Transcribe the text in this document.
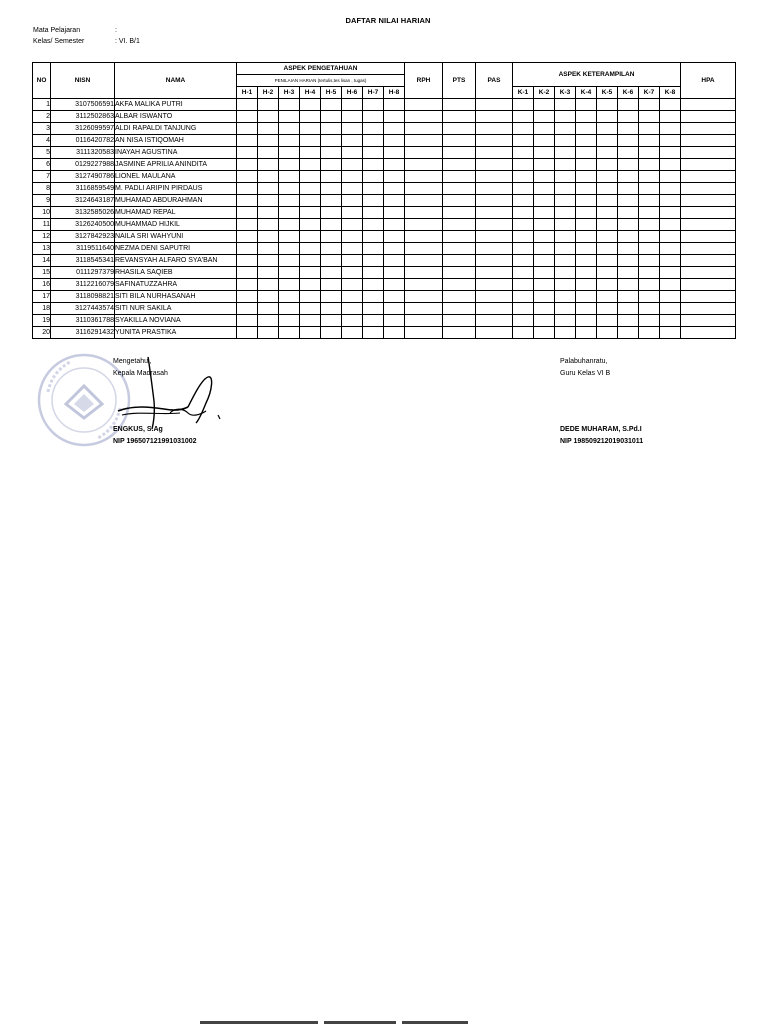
DAFTAR NILAI HARIAN
Mata Pelajaran	:
Kelas/ Semester	: VI. B/1
NO	NISN	NAMA	ASPEK PENGETAHUAN								RPH	PTS	PAS	ASPEK KETERAMPILAN								HPA
			PENILAIAN HARIAN (tertulis,tes lisan , tugas)																			
			H-1	H-2	H-3	H-4	H-5	H-6	H-7	H-8				K-1	K-2	K-3	K-4	K-5	K-6	K-7	K-8	
1	3107506591	AKFA MALIKA PUTRI																				
2	3112502863	ALBAR ISWANTO																				
3	3126099597	ALDI RAPALDI TANJUNG																				
4	0116420782	AN NISA ISTIQOMAH																				
5	3111320583	INAYAH AGUSTINA																				
6	0129227988	JASMINE APRILIA ANINDITA																				
7	3127490786	LIONEL MAULANA																				
8	3116859549	M. PADLI ARIPIN PIRDAUS																				
9	3124643187	MUHAMAD ABDURAHMAN																				
10	3132585026	MUHAMAD REPAL																				
11	3126240500	MUHAMMAD HIJKIL																				
12	3127842923	NAILA SRI WAHYUNI																				
13	3119511640	NEZMA DENI SAPUTRI																				
14	3118545341	REVANSYAH ALFARO SYA'BAN																				
15	0111297379	RHASILA SAQIEB																				
16	3112216079	SAFINATUZZAHRA																				
17	3118098821	SITI BILA NURHASANAH																				
18	3127443574	SITI NUR SAKILA																				
19	3110361788	SYAKILLA NOVIANA																				
20	3116291432	YUNITA PRASTIKA																				
Mengetahui,
Kepala Madrasah
ENGKUS, S.Ag
NIP 196507121991031002
Palabuhanratu,
Guru Kelas VI B
DEDE MUHARAM, S.Pd.I
NIP 198509212019031011
